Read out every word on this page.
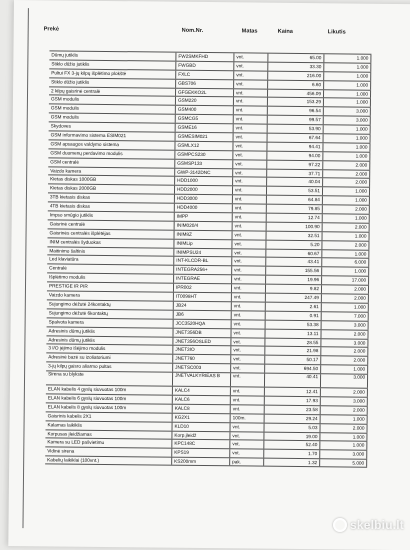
Prekė	Nom.Nr.	Matas	Kaina	Likutis
Dūmų jutiklis	FW2SMKFHD	vnt.	65.00	1.000
Stiklo dūžio jutiklis	FWGBD	vnt.	33.30	1.000
Pultui FX 3-jų kilpų išplėtimo plokštė	FXLC	vnt.	216.00	1.000
Stiklo dūžio jutiklis	GBS706	vnt.	6.60	1.000
2 kilpų gaisrinė centralė	GFGEKKO2L	vnt.	456.09	1.000
GSM modulis	GSM220	vnt.	153.29	1.000
GSM modulis	GSM400	vnt.	96.54	3.000
GSM modulis	GSMCG5	vnt.	99.57	3.000
Skydoves	GSME16	vnt.	53.90	1.000
GSM informavimo sistema ESIM021	GSMESIM021	vnt.	67.64	1.000
GSM apsaugos valdymo sistema	GSMLX12	vnt.	94.41	1.000
GSM duomenų perdavimo modulis	GSMPCS230	vnt.	94.00	1.000
GSM centralė	GSMSP133	vnt.	97.22	2.000
Vaizdo kamera	GWP-3142DNC	vnt.	37.71	2.000
Kietas diskas 1000GB	HDD1000	vnt.	40.04	2.000
Kietas diskas 2000GB	HDD2000	vnt.	53.51	1.000
3TB kietasis diskas	HDD3000	vnt.	64.84	1.000
4TB kietasis diskas	HDD4000	vnt.	79.85	2.000
Impso smūgio jutiklis	IMPP	vnt.	12.74	1.000
Gaisrinė centralė	INIM020/4	vnt.	100.90	2.000
Gaisrinės centralės išplėtėjas	INIM8Z	vnt.	32.51	1.000
INIM centralės šyduokas	INIMLip	vnt.	5.20	2.000
Maitinimo šaltinis	INIMPSU24	vnt.	60.67	1.000
Led klaviatūra	INT-KLCDR-BL	vnt.	43.41	6.000
Centralė	INTEGRA256+	vnt.	155.56	1.000
Išplėtimo modulis	INTEGRAE	vnt.	19.96	17.000
PRESTIGE IR PIR	IPR002	vnt.	9.82	2.000
Vaizdo kamera	IT0098HT	vnt.	247.49	2.000
Sujungimo dėžutė 24kontaktų	JB24	vnt.	2.61	1.000
Sujungimo dėžutė 6kontaktų	JB6	vnt.	0.91	7.000
Spalvota kamera	JCC3520HQA	vnt.	53.38	3.000
Adresinis dūmų jutiklis	JNET356DB	vnt.	13.11	2.000
Adresinis dūmų jutiklis	JNET356OSLED	vnt.	28.55	3.000
3 I/O įėjimo išėjimo modulis	JNET3IO	vnt.	21.98	2.000
Adresinė bazė su izoliatoriumi	JNET760	vnt.	50.17	2.000
3-jų kilpų gaisro aliarmo pultas	JNETSC003	vnt.	694.50	1.000
Sirena su blykste	JNETVALKYRIEAS B	vnt.	40.41	3.000
ELAN kabelis 4 gyslų siuvuotas 100m	KALC4	vnt.	12.41	2.000
ELAN kabelis 6 gyslų siuvuotas 100m	KALC6	vnt.	17.93	3.000
ELAN kabelis 8 gyslų siuvuotas 100m	KALC8	vnt.	23.58	2.000
Gaisrinis kabelis 2X1	KG2X1	100m.	29.24	1.000
Kalamas laikiklis	KLD10	vnt.	5.03	2.000
Korpusas įleidžiamas	Korp.įleidž	vnt.	19.00	1.000
Kamera su LED pašvietimu	KPC148C	vnt.	52.40	1.000
Vidinė sirena	KPS19	vnt.	1.70	3.000
Kabelių laikiklai (100vnt.)	KS200mm	pak.	1.32	5.000
skelbiu.lt
